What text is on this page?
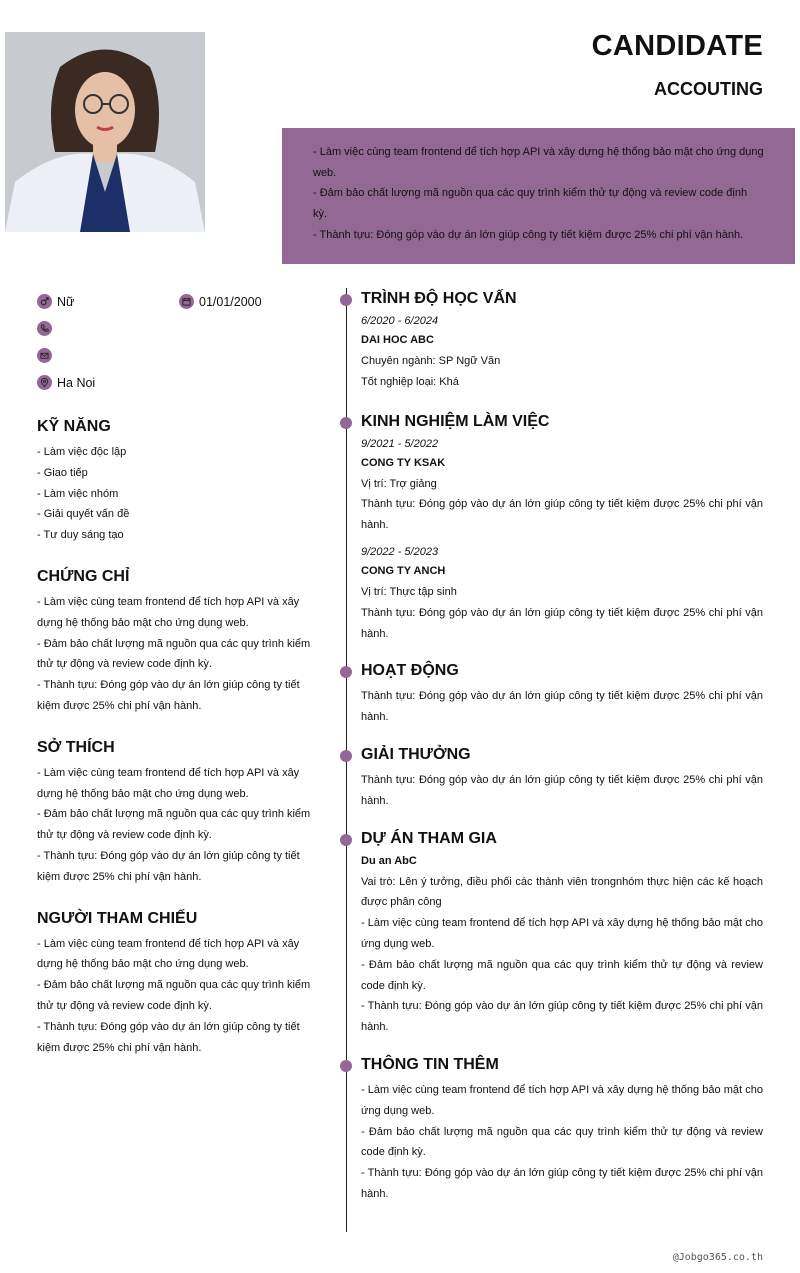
CANDIDATE
ACCOUTING

- Làm việc cùng team frontend để tích hợp API và xây dựng hệ thống bảo mật cho ứng dụng web.

- Đảm bảo chất lượng mã nguồn qua các quy trình kiểm thử tự động và review code định kỳ.

- Thành tựu: Đóng góp vào dự án lớn giúp công ty tiết kiệm được 25% chi phí vận hành.

Nữ	01/01/2000
Ha Noi
KỸ NĂNG

- Làm việc độc lập

- Giao tiếp

- Làm việc nhóm

- Giải quyết vấn đề

- Tư duy sáng tạo

CHỨNG CHỈ

- Làm việc cùng team frontend để tích hợp API và xây dựng hệ thống bảo mật cho ứng dụng web.

- Đảm bảo chất lượng mã nguồn qua các quy trình kiểm thử tự động và review code định kỳ.

- Thành tựu: Đóng góp vào dự án lớn giúp công ty tiết kiệm được 25% chi phí vận hành.

SỞ THÍCH

- Làm việc cùng team frontend để tích hợp API và xây dựng hệ thống bảo mật cho ứng dụng web.

- Đảm bảo chất lượng mã nguồn qua các quy trình kiểm thử tự động và review code định kỳ.

- Thành tựu: Đóng góp vào dự án lớn giúp công ty tiết kiệm được 25% chi phí vận hành.

NGƯỜI THAM CHIẾU

- Làm việc cùng team frontend để tích hợp API và xây dựng hệ thống bảo mật cho ứng dụng web.

- Đảm bảo chất lượng mã nguồn qua các quy trình kiểm thử tự động và review code định kỳ.

- Thành tựu: Đóng góp vào dự án lớn giúp công ty tiết kiệm được 25% chi phí vận hành.

TRÌNH ĐỘ HỌC VẤN
6/2020 - 6/2024
DAI HOC ABC
Chuyên ngành: SP Ngữ Văn
Tốt nghiệp loại: Khá
KINH NGHIỆM LÀM VIỆC
9/2021 - 5/2022
CONG TY KSAK
Vị trí: Trợ giảng
Thành tựu: Đóng góp vào dự án lớn giúp công ty tiết kiệm được 25% chi phí vận hành.
9/2022 - 5/2023
CONG TY ANCH
Vị trí: Thực tập sinh
Thành tựu: Đóng góp vào dự án lớn giúp công ty tiết kiệm được 25% chi phí vận hành.
HOẠT ĐỘNG
Thành tựu: Đóng góp vào dự án lớn giúp công ty tiết kiệm được 25% chi phí vận hành.
GIẢI THƯỞNG
Thành tựu: Đóng góp vào dự án lớn giúp công ty tiết kiệm được 25% chi phí vận hành.
DỰ ÁN THAM GIA
Du an AbC
Vai trò: Lên ý tưởng, điều phối các thành viên trongnhóm thực hiện các kế hoạch được phân công
- Làm việc cùng team frontend để tích hợp API và xây dựng hệ thống bảo mật cho ứng dụng web.
- Đảm bảo chất lượng mã nguồn qua các quy trình kiểm thử tự động và review code định kỳ.
- Thành tựu: Đóng góp vào dự án lớn giúp công ty tiết kiệm được 25% chi phí vận hành.
THÔNG TIN THÊM
- Làm việc cùng team frontend để tích hợp API và xây dựng hệ thống bảo mật cho ứng dụng web.
- Đảm bảo chất lượng mã nguồn qua các quy trình kiểm thử tự động và review code định kỳ.
- Thành tựu: Đóng góp vào dự án lớn giúp công ty tiết kiệm được 25% chi phí vận hành.
@Jobgo365.co.th
